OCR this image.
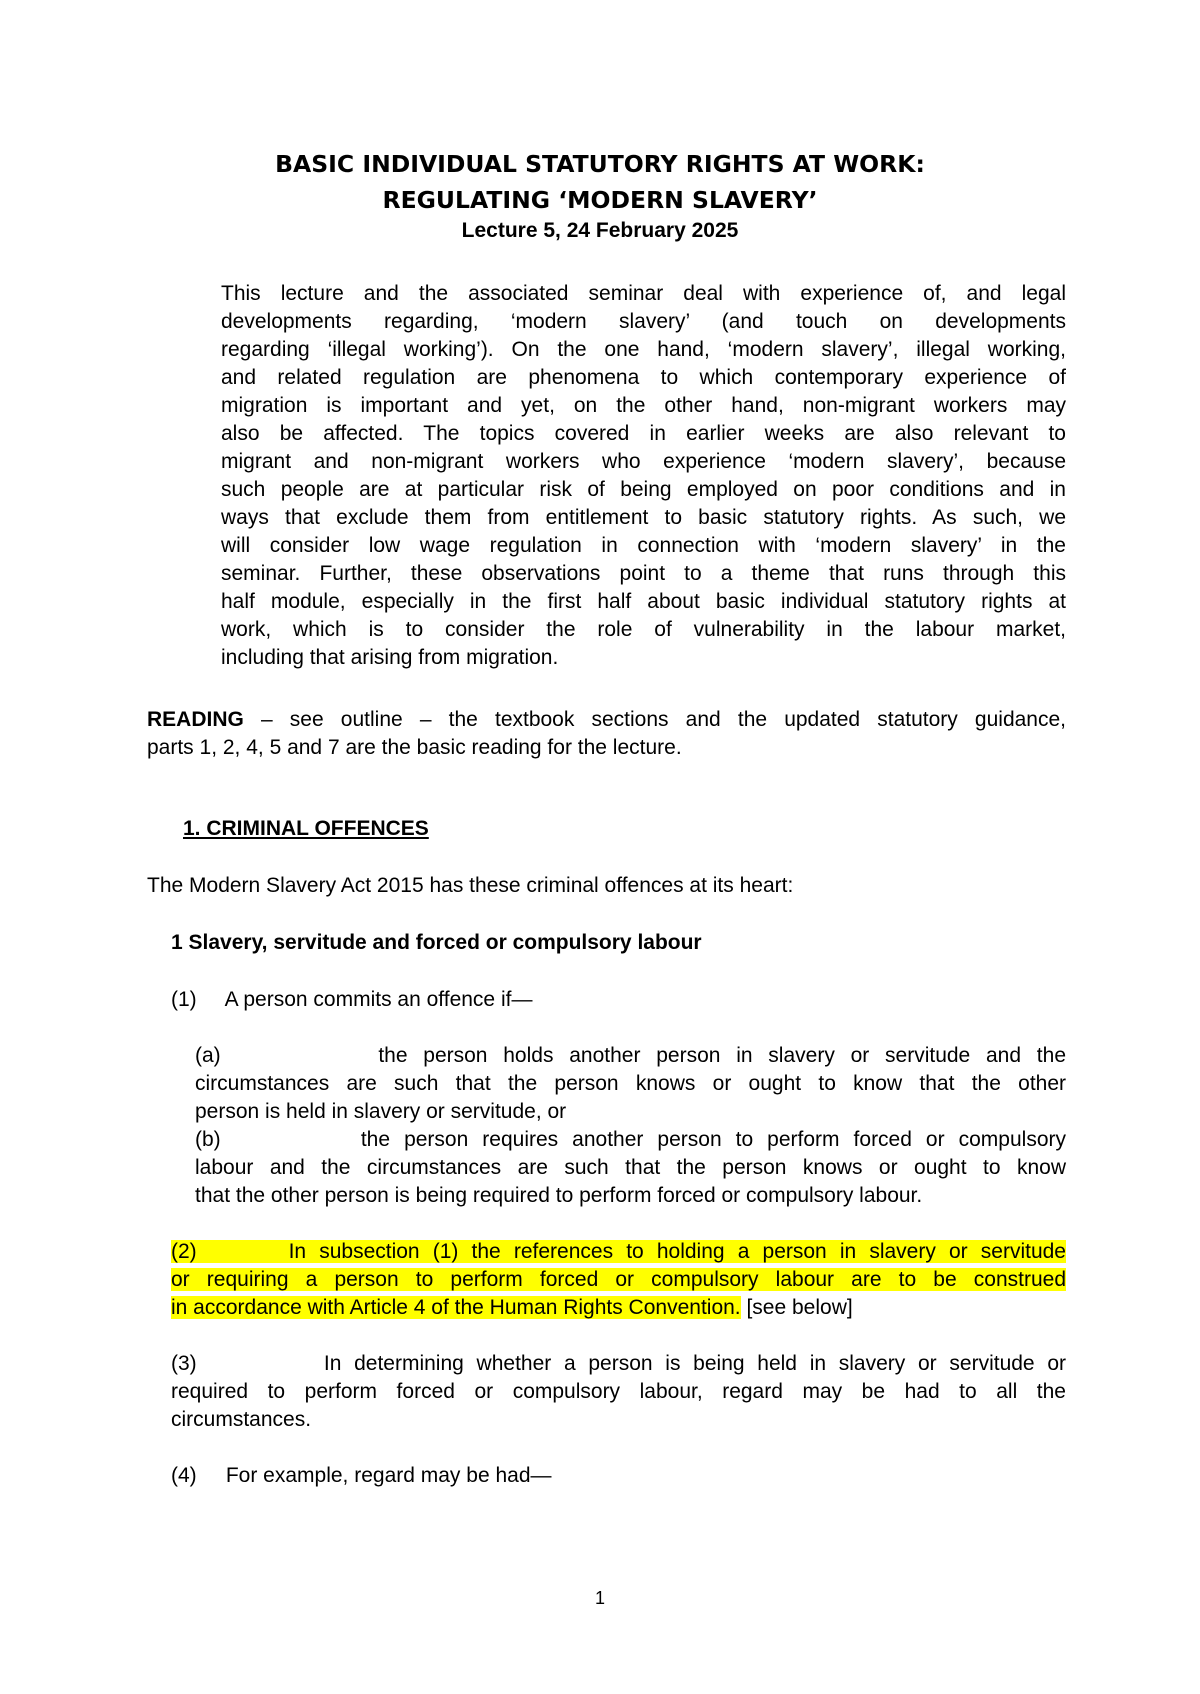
BASIC INDIVIDUAL STATUTORY RIGHTS AT WORK:
REGULATING ‘MODERN SLAVERY’
Lecture 5, 24 February 2025
This lecture and the associated seminar deal with experience of, and legal
developments regarding, ‘modern slavery’ (and touch on developments
regarding ‘illegal working’). On the one hand, ‘modern slavery’, illegal working,
and related regulation are phenomena to which contemporary experience of
migration is important and yet, on the other hand, non-migrant workers may
also be affected. The topics covered in earlier weeks are also relevant to
migrant and non-migrant workers who experience ‘modern slavery’, because
such people are at particular risk of being employed on poor conditions and in
ways that exclude them from entitlement to basic statutory rights. As such, we
will consider low wage regulation in connection with ‘modern slavery’ in the
seminar. Further, these observations point to a theme that runs through this
half module, especially in the first half about basic individual statutory rights at
work, which is to consider the role of vulnerability in the labour market,
including that arising from migration.
READING – see outline – the textbook sections and the updated statutory guidance,
parts 1, 2, 4, 5 and 7 are the basic reading for the lecture.
1. CRIMINAL OFFENCES
The Modern Slavery Act 2015 has these criminal offences at its heart:
1 Slavery, servitude and forced or compulsory labour
(1)     A person commits an offence if—
(a)          the person holds another person in slavery or servitude and the
circumstances are such that the person knows or ought to know that the other
person is held in slavery or servitude, or
(b)          the person requires another person to perform forced or compulsory
labour and the circumstances are such that the person knows or ought to know
that the other person is being required to perform forced or compulsory labour.
(2)       In subsection (1) the references to holding a person in slavery or servitude
or requiring a person to perform forced or compulsory labour are to be construed
in accordance with Article 4 of the Human Rights Convention. [see below]
(3)          In determining whether a person is being held in slavery or servitude or
required to perform forced or compulsory labour, regard may be had to all the
circumstances.
(4)     For example, regard may be had—
1
